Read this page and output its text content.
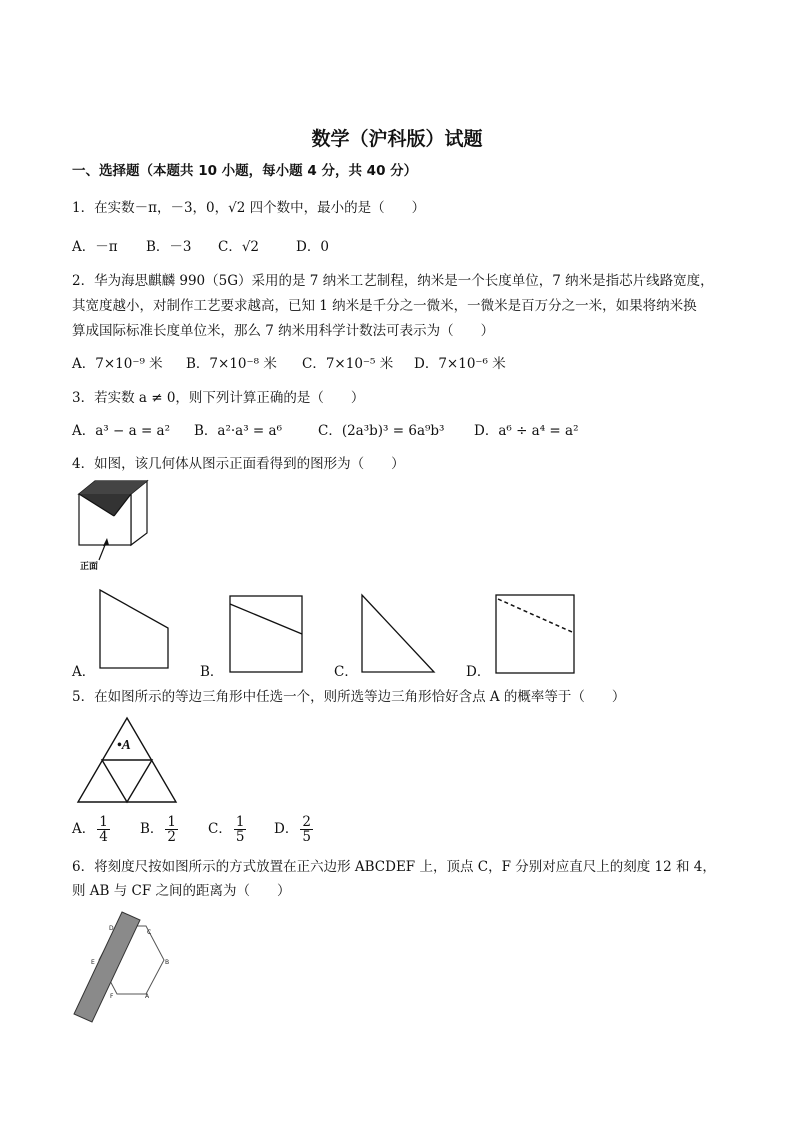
数学（沪科版）试题
一、选择题（本题共 10 小题，每小题 4 分，共 40 分）
1．在实数－π，－3，0，√2 四个数中，最小的是（　　）
A．－π B．－3 C．√2	D．0
2．华为海思麒麟 990（5G）采用的是 7 纳米工艺制程，纳米是一个长度单位，7 纳米是指芯片线路宽度，
其宽度越小，对制作工艺要求越高，已知 1 纳米是千分之一微米，一微米是百万分之一米，如果将纳米换
算成国际标准长度单位米，那么 7 纳米用科学计数法可表示为（　　）
A．7×10⁻⁹ 米 B．7×10⁻⁸ 米 C．7×10⁻⁵ 米 D．7×10⁻⁶ 米
3．若实数 a ≠ 0，则下列计算正确的是（　　）
A．a³ − a = a² B．a²·a³ = a⁶	C．(2a³b)³ = 6a⁹b³ D．a⁶ ÷ a⁴ = a²
4．如图，该几何体从图示正面看得到的图形为（　　）
正面
A．	B．	C．	D．
5．在如图所示的等边三角形中任选一个，则所选等边三角形恰好含点 A 的概率等于（　　）
•A
A． $\frac{1}{4}$ B． $\frac{1}{2}$ C． $\frac{1}{5}$ D． $\frac{2}{5}$
6．将刻度尺按如图所示的方式放置在正六边形 ABCDEF 上，顶点 C，F 分别对应直尺上的刻度 12 和 4，
则 AB 与 CF 之间的距离为（　　）
D
C
B
A
F
E
